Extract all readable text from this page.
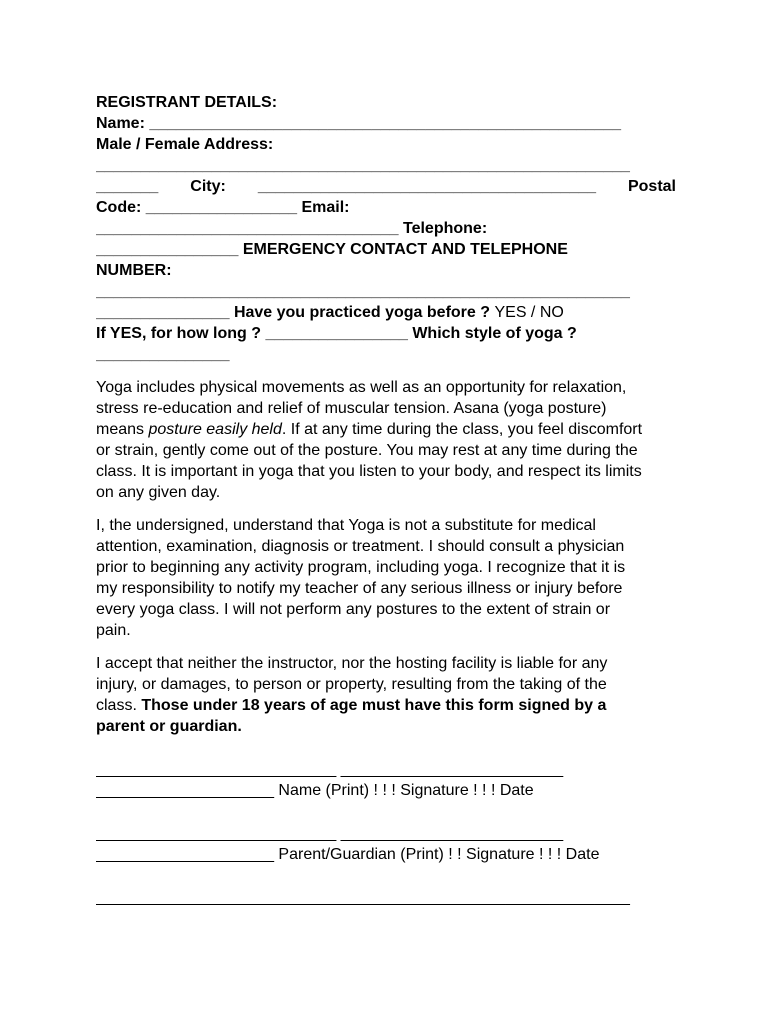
REGISTRANT DETAILS:
Name: _____________________________________________________
Male / Female Address:
____________________________________________________________
_______ City: ______________________________________ Postal
Code: _________________ Email:
__________________________________ Telephone:
________________ EMERGENCY CONTACT AND TELEPHONE
NUMBER:
____________________________________________________________
_______________ Have you practiced yoga before ? YES / NO
If YES, for how long ? ________________ Which style of yoga ?
_______________
Yoga includes physical movements as well as an opportunity for relaxation,
stress re-education and relief of muscular tension. Asana (yoga posture)
means posture easily held. If at any time during the class, you feel discomfort
or strain, gently come out of the posture. You may rest at any time during the
class. It is important in yoga that you listen to your body, and respect its limits
on any given day.
I, the undersigned, understand that Yoga is not a substitute for medical
attention, examination, diagnosis or treatment. I should consult a physician
prior to beginning any activity program, including yoga. I recognize that it is
my responsibility to notify my teacher of any serious illness or injury before
every yoga class. I will not perform any postures to the extent of strain or
pain.
I accept that neither the instructor, nor the hosting facility is liable for any
injury, or damages, to person or property, resulting from the taking of the
class. Those under 18 years of age must have this form signed by a
parent or guardian.
___________________________ _________________________
____________________ Name (Print) ! ! ! Signature ! ! ! Date
___________________________ _________________________
____________________ Parent/Guardian (Print) ! ! Signature ! ! ! Date
____________________________________________________________
